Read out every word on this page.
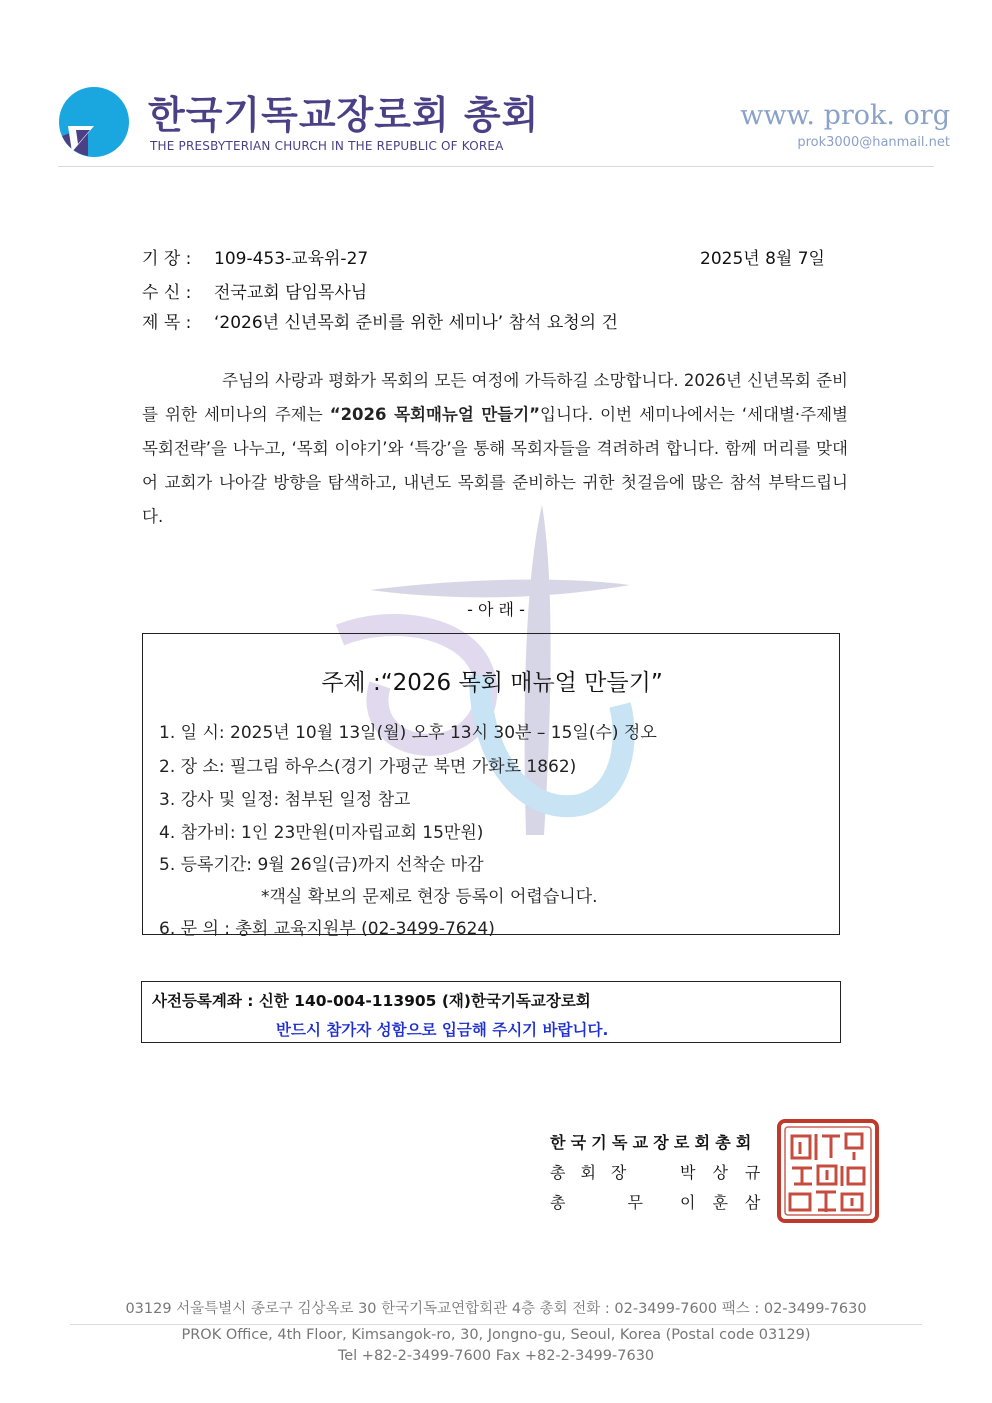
한국기독교장로회 총회
THE PRESBYTERIAN CHURCH IN THE REPUBLIC OF KOREA
www. prok. org
prok3000@hanmail.net
기 장 : 109-453-교육위-27	2025년 8월 7일
수 신 : 전국교회 담임목사님
제 목 : ‘2026년 신년목회 준비를 위한 세미나’ 참석 요청의 건
주님의 사랑과 평화가 목회의 모든 여정에 가득하길 소망합니다. 2026년 신년목회 준비를 위한 세미나의 주제는 “2026 목회매뉴얼 만들기”입니다. 이번 세미나에서는 ‘세대별·주제별 목회전략’을 나누고, ‘목회 이야기’와 ‘특강’을 통해 목회자들을 격려하려 합니다. 함께 머리를 맞대어 교회가 나아갈 방향을 탐색하고, 내년도 목회를 준비하는 귀한 첫걸음에 많은 참석 부탁드립니다.
- 아 래 -
주제 :“2026 목회 매뉴얼 만들기”
1. 일 시: 2025년 10월 13일(월) 오후 13시 30분 – 15일(수) 정오
2. 장 소: 필그림 하우스(경기 가평군 북면 가화로 1862)
3. 강사 및 일정: 첨부된 일정 참고
4. 참가비: 1인 23만원(미자립교회 15만원)
5. 등록기간: 9월 26일(금)까지 선착순 마감
*객실 확보의 문제로 현장 등록이 어렵습니다.
6. 문 의 : 총회 교육지원부 (02-3499-7624)
사전등록계좌 : 신한 140-004-113905 (재)한국기독교장로회
반드시 참가자 성함으로 입금해 주시기 바랍니다.
한국기독교장로회총회
총회장	박상규
총무
이훈삼
03129 서울특별시 종로구 김상옥로 30 한국기독교연합회관 4층 총회 전화 : 02-3499-7600 팩스 : 02-3499-7630
PROK Office, 4th Floor, Kimsangok-ro, 30, Jongno-gu, Seoul, Korea (Postal code 03129)
Tel +82-2-3499-7600 Fax +82-2-3499-7630
